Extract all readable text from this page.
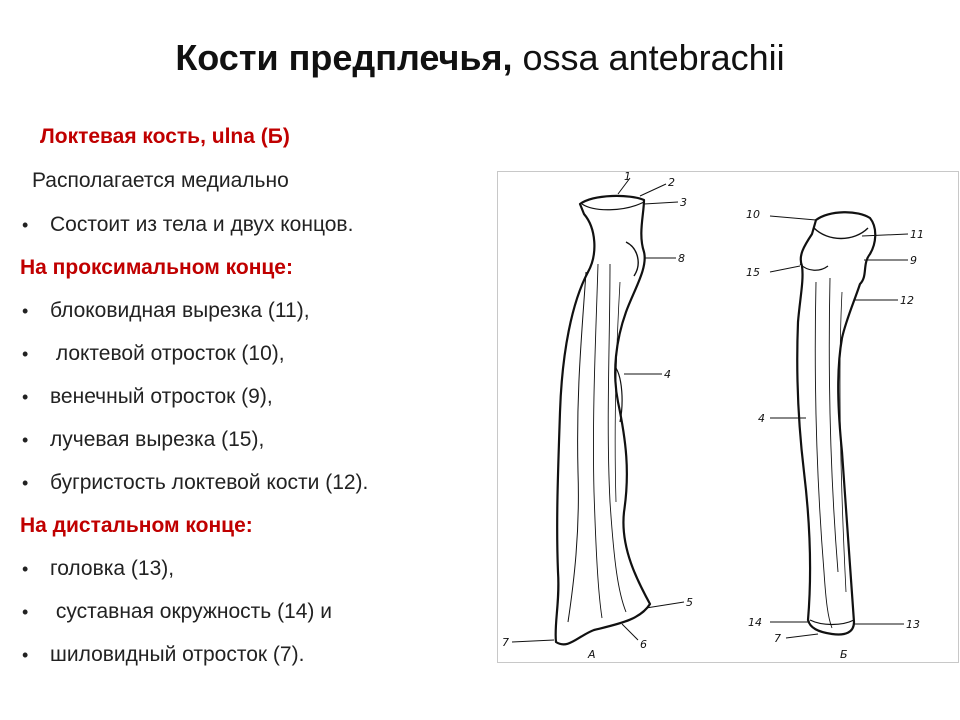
Кости предплечья, ossa antebrachii
Локтевая кость, ulna (Б)
Располагается медиально
• Состоит из тела и двух концов.
На проксимальном конце:
• блоковидная вырезка (11),
• локтевой отросток (10),
• венечный отросток (9),
• лучевая вырезка (15),
• бугристость локтевой кости (12).
На дистальном конце:
• головка (13),
• суставная окружность (14) и
• шиловидный отросток (7).
1	2
3
8
4
5
6
7
А
10
11
9
15
12
4
14	13
7
Б
